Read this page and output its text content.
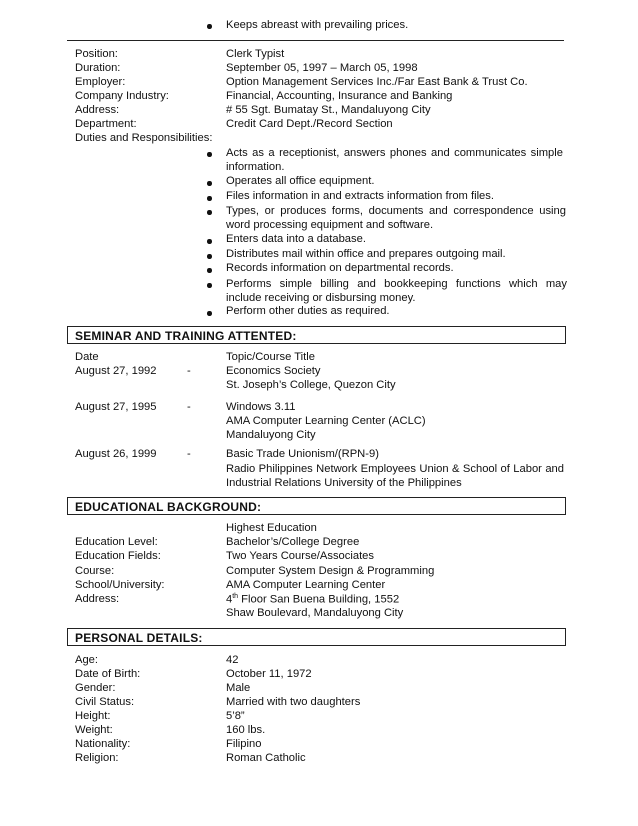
Keeps abreast with prevailing prices.
Position:	Clerk Typist
Duration:	September 05, 1997 – March 05, 1998
Employer:	Option Management Services Inc./Far East Bank & Trust Co.
Company Industry:	Financial, Accounting, Insurance and Banking
Address:	# 55 Sgt. Bumatay St., Mandaluyong City
Department:	Credit Card Dept./Record Section
Duties and Responsibilities:
Acts as a receptionist, answers phones and communicates simple information.
Operates all office equipment.
Files information in and extracts information from files.
Types, or produces forms, documents and correspondence using word processing equipment and software.
Enters data into a database.
Distributes mail within office and prepares outgoing mail.
Records information on departmental records.
Performs simple billing and bookkeeping functions which may include receiving or disbursing money.
Perform other duties as required.
SEMINAR AND TRAINING ATTENTED:
Date	Topic/Course Title
August 27, 1992	-	Economics Society
St. Joseph’s College, Quezon City
August 27, 1995	-	Windows 3.11
AMA Computer Learning Center (ACLC)
Mandaluyong City
August 26, 1999	-	Basic Trade Unionism/(RPN-9)
Radio Philippines Network Employees Union & School of Labor and Industrial Relations University of the Philippines
EDUCATIONAL BACKGROUND:
Highest Education
Education Level:	Bachelor’s/College Degree
Education Fields:	Two Years Course/Associates
Course:	Computer System Design & Programming
School/University:	AMA Computer Learning Center
Address:	4th Floor San Buena Building, 1552
Shaw Boulevard, Mandaluyong City
PERSONAL DETAILS:
Age:	42
Date of Birth:	October 11, 1972
Gender:	Male
Civil Status:	Married with two daughters
Height:	5’8”
Weight:	160 lbs.
Nationality:	Filipino
Religion:	Roman Catholic
